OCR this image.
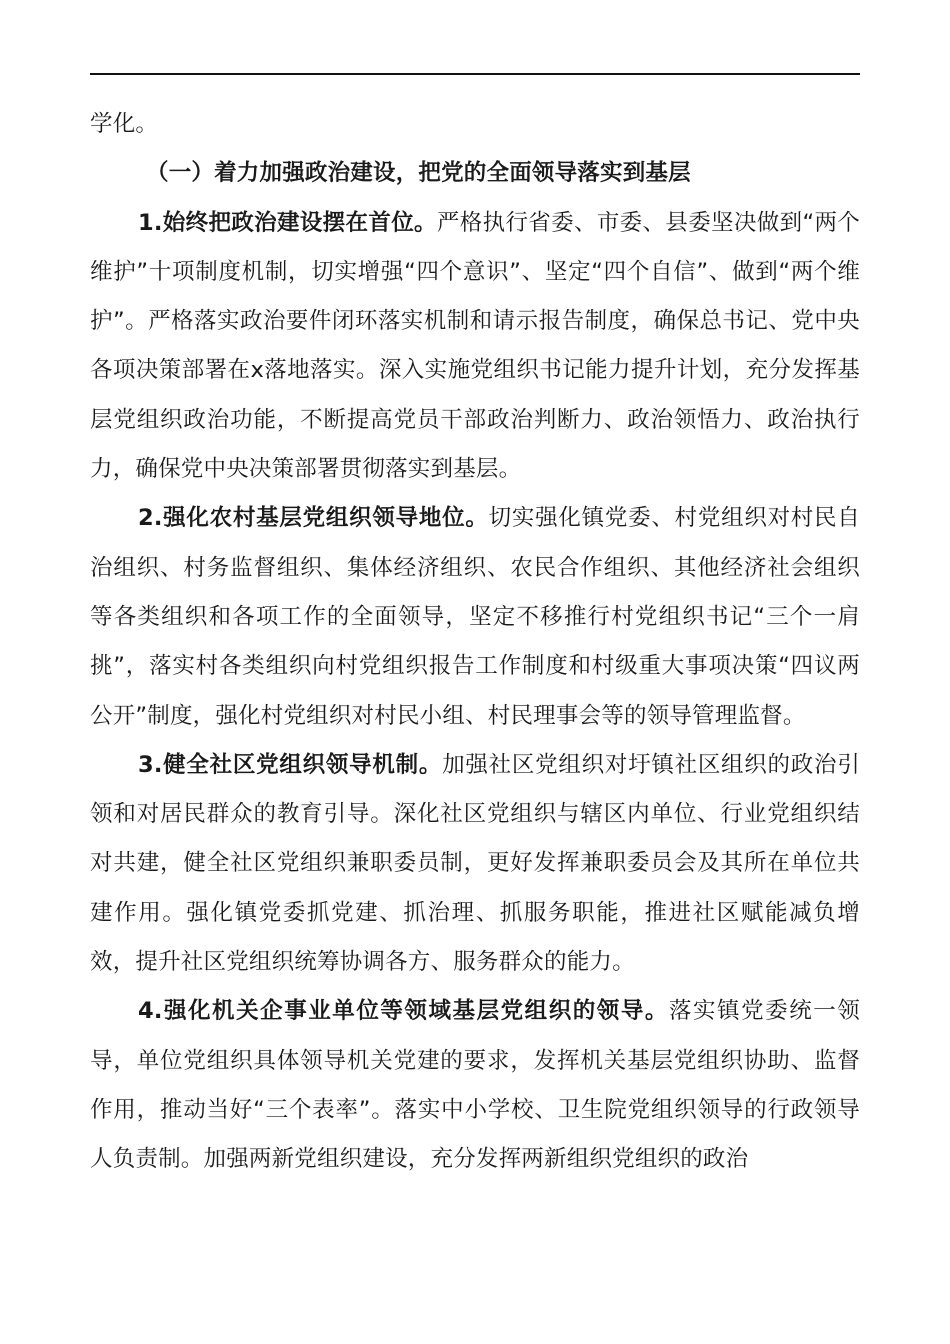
学化。

（一）着力加强政治建设，把党的全面领导落实到基层

1.始终把政治建设摆在首位。严格执行省委、市委、县委坚决做到“两个维护”十项制度机制，切实增强“四个意识”、坚定“四个自信”、做到“两个维护”。严格落实政治要件闭环落实机制和请示报告制度，确保总书记、党中央各项决策部署在x落地落实。深入实施党组织书记能力提升计划，充分发挥基层党组织政治功能，不断提高党员干部政治判断力、政治领悟力、政治执行力，确保党中央决策部署贯彻落实到基层。

2.强化农村基层党组织领导地位。切实强化镇党委、村党组织对村民自治组织、村务监督组织、集体经济组织、农民合作组织、其他经济社会组织等各类组织和各项工作的全面领导，坚定不移推行村党组织书记“三个一肩挑”，落实村各类组织向村党组织报告工作制度和村级重大事项决策“四议两公开”制度，强化村党组织对村民小组、村民理事会等的领导管理监督。

3.健全社区党组织领导机制。加强社区党组织对圩镇社区组织的政治引领和对居民群众的教育引导。深化社区党组织与辖区内单位、行业党组织结对共建，健全社区党组织兼职委员制，更好发挥兼职委员会及其所在单位共建作用。强化镇党委抓党建、抓治理、抓服务职能，推进社区赋能减负增效，提升社区党组织统筹协调各方、服务群众的能力。

4.强化机关企事业单位等领域基层党组织的领导。落实镇党委统一领导，单位党组织具体领导机关党建的要求，发挥机关基层党组织协助、监督作用，推动当好“三个表率”。落实中小学校、卫生院党组织领导的行政领导人负责制。加强两新党组织建设，充分发挥两新组织党组织的政治
